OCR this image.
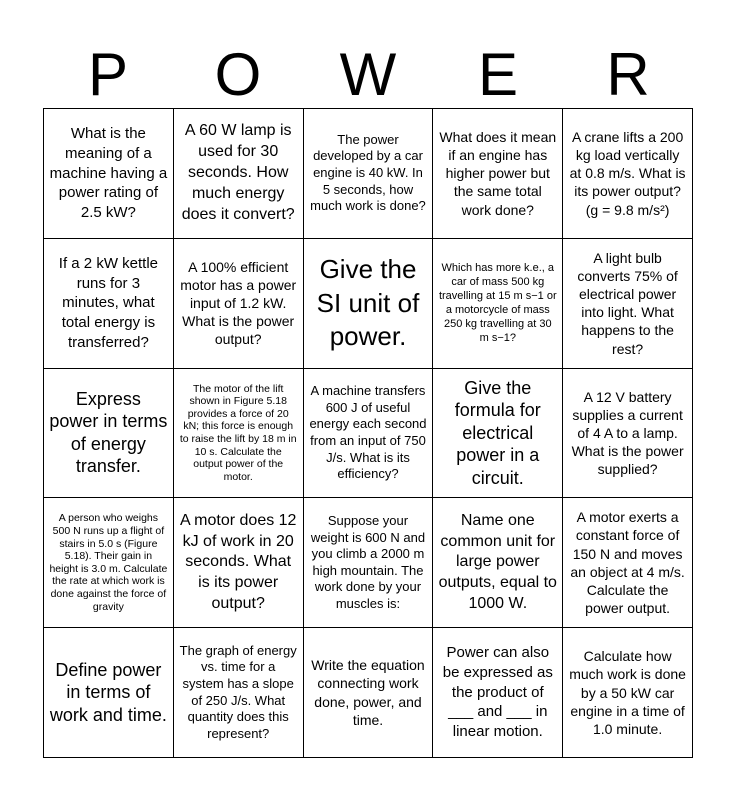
P	O	W	E	R
What is the meaning of a machine having a power rating of 2.5 kW?
A 60 W lamp is used for 30 seconds. How much energy does it convert?
The power developed by a car engine is 40 kW. In 5 seconds, how much work is done?
What does it mean if an engine has higher power but the same total work done?
A crane lifts a 200 kg load vertically at 0.8 m/s. What is its power output? (g = 9.8 m/s²)
If a 2 kW kettle runs for 3 minutes, what total energy is transferred?
A 100% efficient motor has a power input of 1.2 kW. What is the power output?
Give the SI unit of power.
Which has more k.e., a car of mass 500 kg travelling at 15 m s−1 or a motorcycle of mass 250 kg travelling at 30 m s−1?
A light bulb converts 75% of electrical power into light. What happens to the rest?
Express power in terms of energy transfer.
The motor of the lift shown in Figure 5.18 provides a force of 20 kN; this force is enough to raise the lift by 18 m in 10 s. Calculate the output power of the motor.
A machine transfers 600 J of useful energy each second from an input of 750 J/s. What is its efficiency?
Give the formula for electrical power in a circuit.
A 12 V battery supplies a current of 4 A to a lamp. What is the power supplied?
A person who weighs 500 N runs up a flight of stairs in 5.0 s (Figure 5.18). Their gain in height is 3.0 m. Calculate the rate at which work is done against the force of gravity
A motor does 12 kJ of work in 20 seconds. What is its power output?
Suppose your weight is 600 N and you climb a 2000 m high mountain. The work done by your muscles is:
Name one common unit for large power outputs, equal to 1000 W.
A motor exerts a constant force of 150 N and moves an object at 4 m/s. Calculate the power output.
Define power in terms of work and time.
The graph of energy vs. time for a system has a slope of 250 J/s. What quantity does this represent?
Write the equation connecting work done, power, and time.
Power can also be expressed as the product of ___ and ___ in linear motion.
Calculate how much work is done by a 50 kW car engine in a time of 1.0 minute.
